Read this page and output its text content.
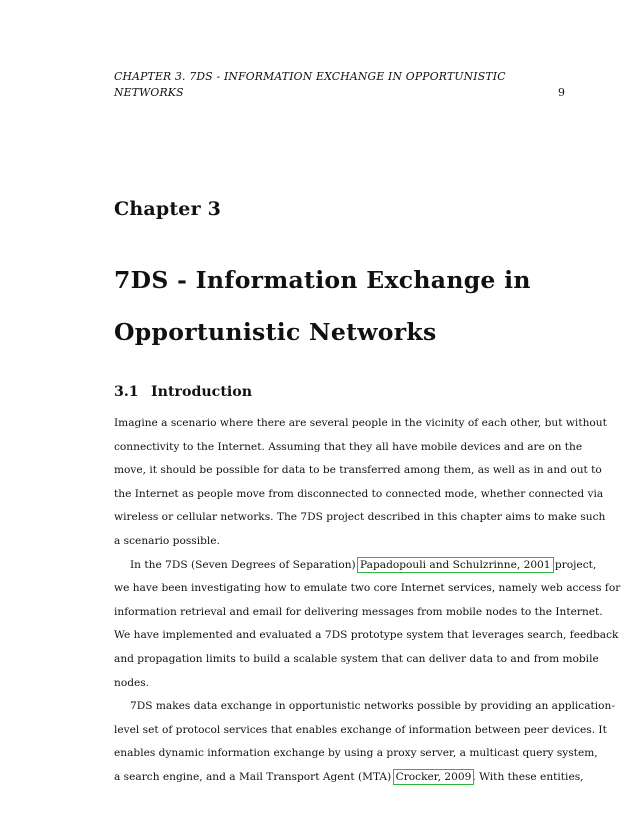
CHAPTER 3. 7DS - INFORMATION EXCHANGE IN OPPORTUNISTIC
NETWORKS	9
Chapter 3
7DS - Information Exchange in
Opportunistic Networks
3.1 Introduction
Imagine a scenario where there are several people in the vicinity of each other, but without
connectivity to the Internet. Assuming that they all have mobile devices and are on the
move, it should be possible for data to be transferred among them, as well as in and out to
the Internet as people move from disconnected to connected mode, whether connected via
wireless or cellular networks. The 7DS project described in this chapter aims to make such
a scenario possible.
In the 7DS (Seven Degrees of Separation) Papadopouli and Schulzrinne, 2001 project,
we have been investigating how to emulate two core Internet services, namely web access for
information retrieval and email for delivering messages from mobile nodes to the Internet.
We have implemented and evaluated a 7DS prototype system that leverages search, feedback
and propagation limits to build a scalable system that can deliver data to and from mobile
nodes.
7DS makes data exchange in opportunistic networks possible by providing an application-
level set of protocol services that enables exchange of information between peer devices. It
enables dynamic information exchange by using a proxy server, a multicast query system,
a search engine, and a Mail Transport Agent (MTA) Crocker, 2009. With these entities,
